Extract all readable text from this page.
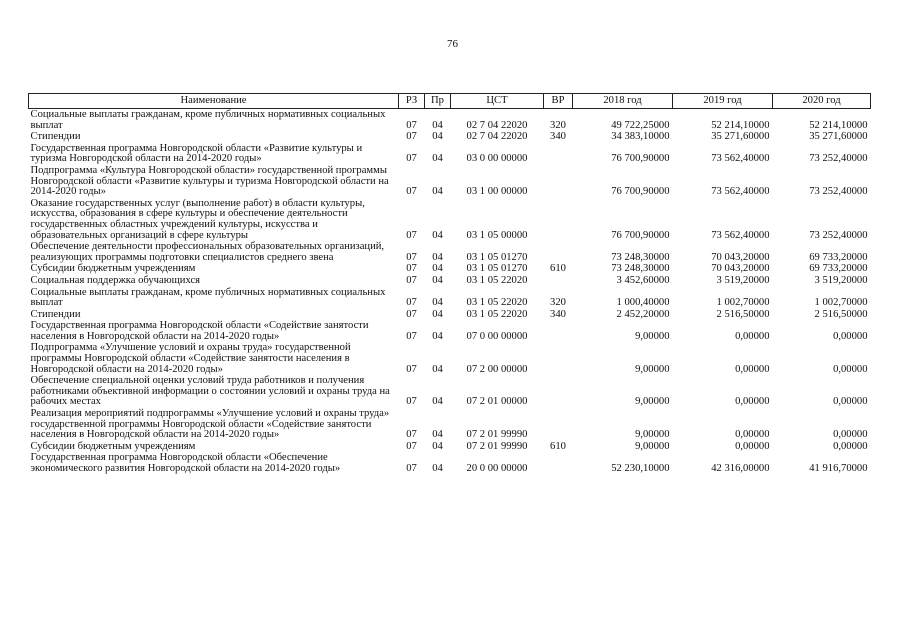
76
Наименование	РЗ	Пр	ЦСТ	ВР	2018 год	2019 год	2020 год
Социальные выплаты гражданам, кроме публичных нормативных социальных выплат	07	04	02 7 04 22020	320	49 722,25000	52 214,10000	52 214,10000
Стипендии	07	04	02 7 04 22020	340	34 383,10000	35 271,60000	35 271,60000
Государственная программа Новгородской области «Развитие культуры и туризма Новгородской области на 2014-2020 годы»	07	04	03 0 00 00000		76 700,90000	73 562,40000	73 252,40000
Подпрограмма «Культура Новгородской области» государственной программы Новгородской области «Развитие культуры и туризма Новгородской области на 2014-2020 годы»	07	04	03 1 00 00000		76 700,90000	73 562,40000	73 252,40000
Оказание государственных услуг (выполнение работ) в области культуры, искусства, образования в сфере культуры и обеспечение деятельности государственных областных учреждений культуры, искусства и образовательных организаций в сфере культуры	07	04	03 1 05 00000		76 700,90000	73 562,40000	73 252,40000
Обеспечение деятельности профессиональных образовательных организаций, реализующих программы подготовки специалистов среднего звена	07	04	03 1 05 01270		73 248,30000	70 043,20000	69 733,20000
Субсидии бюджетным учреждениям	07	04	03 1 05 01270	610	73 248,30000	70 043,20000	69 733,20000
Социальная поддержка обучающихся	07	04	03 1 05 22020		3 452,60000	3 519,20000	3 519,20000
Социальные выплаты гражданам, кроме публичных нормативных социальных выплат	07	04	03 1 05 22020	320	1 000,40000	1 002,70000	1 002,70000
Стипендии	07	04	03 1 05 22020	340	2 452,20000	2 516,50000	2 516,50000
Государственная программа Новгородской области «Содействие занятости населения в Новгородской области на 2014-2020 годы»	07	04	07 0 00 00000		9,00000	0,00000	0,00000
Подпрограмма «Улучшение условий и охраны труда» государственной программы Новгородской области «Содействие занятости населения в Новгородской области на 2014-2020 годы»	07	04	07 2 00 00000		9,00000	0,00000	0,00000
Обеспечение специальной оценки условий труда работников и получения работниками объективной информации о состоянии условий и охраны труда на рабочих местах	07	04	07 2 01 00000		9,00000	0,00000	0,00000
Реализация мероприятий подпрограммы «Улучшение условий и охраны труда» государственной программы Новгородской области «Содействие занятости населения в Новгородской области на 2014-2020 годы»	07	04	07 2 01 99990		9,00000	0,00000	0,00000
Субсидии бюджетным учреждениям	07	04	07 2 01 99990	610	9,00000	0,00000	0,00000
Государственная программа Новгородской области «Обеспечение экономического развития Новгородской области на 2014-2020 годы»	07	04	20 0 00 00000		52 230,10000	42 316,00000	41 916,70000
